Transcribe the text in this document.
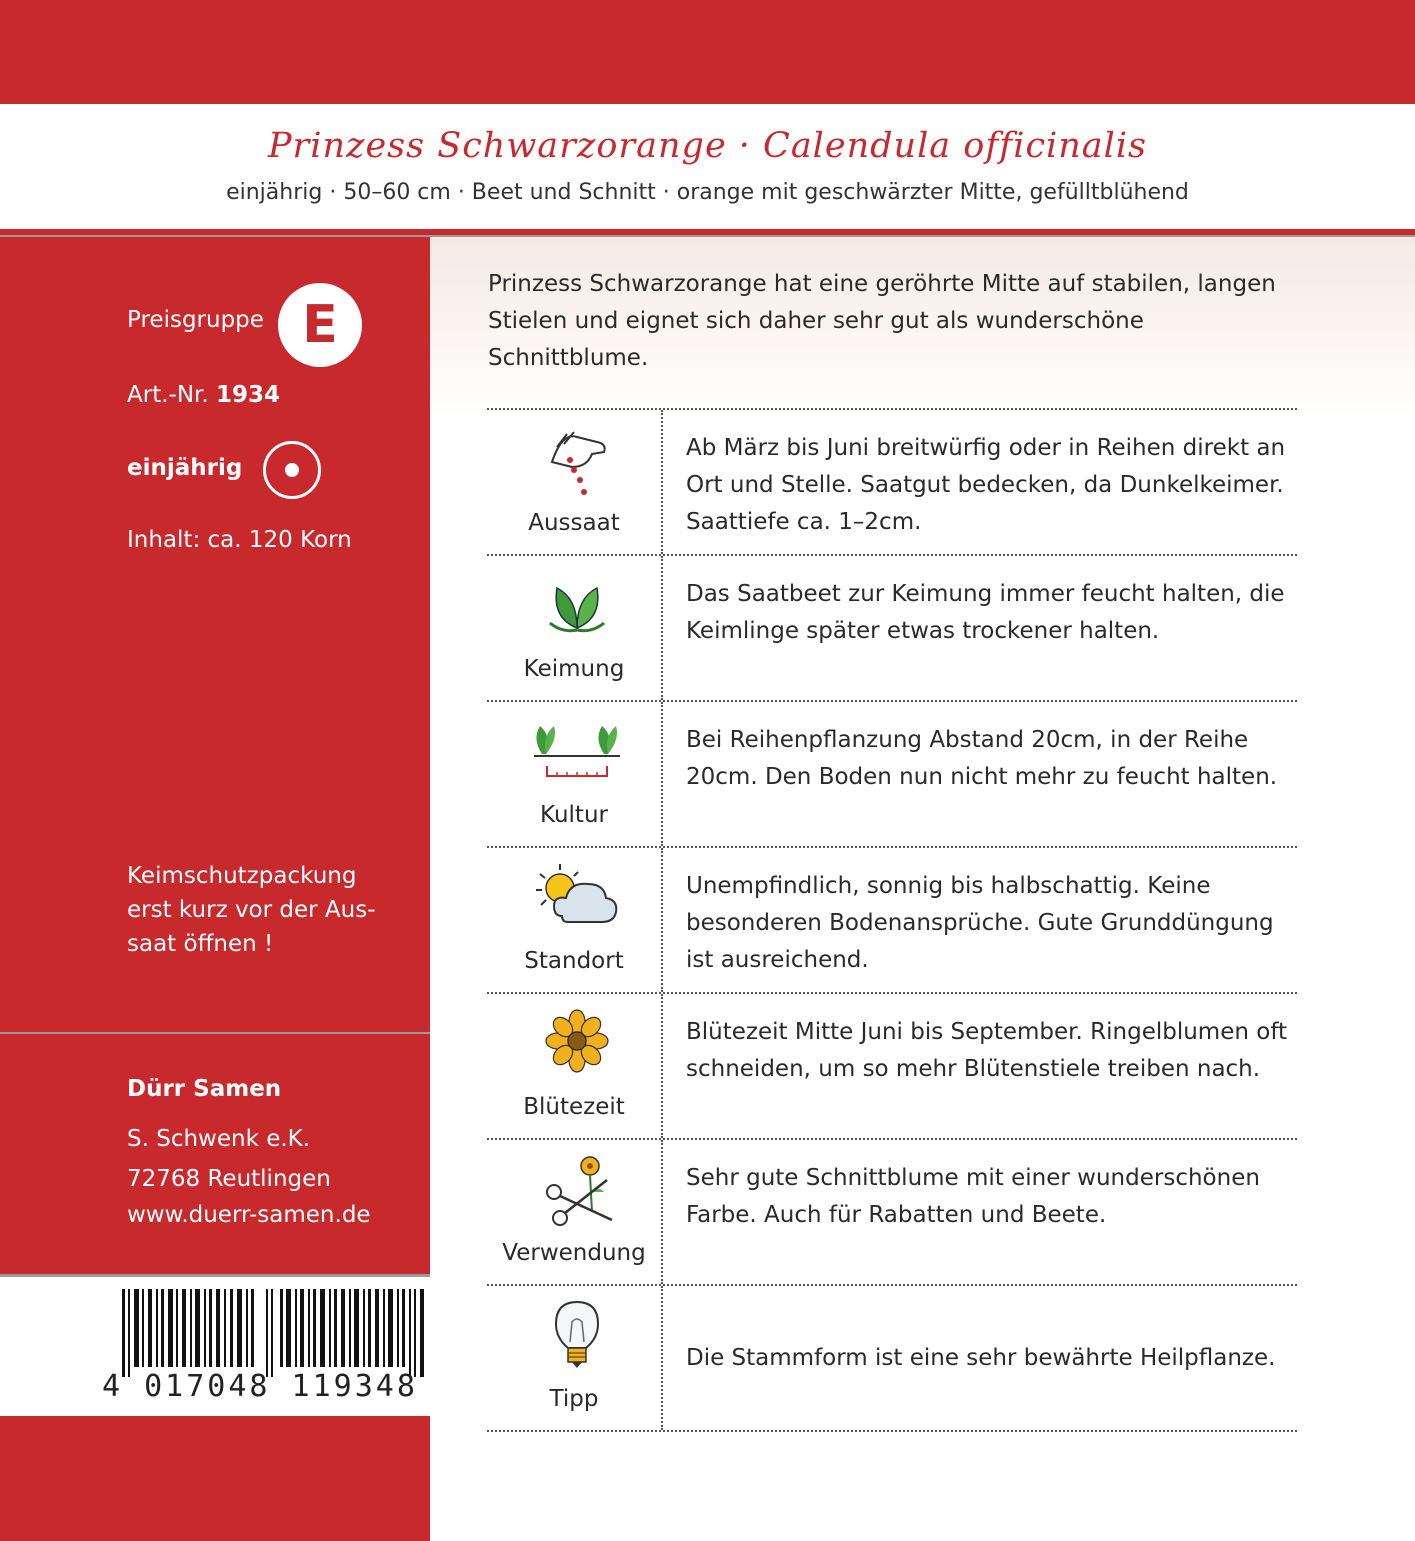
Prinzess Schwarzorange · Calendula officinalis
einjährig · 50–60 cm · Beet und Schnitt · orange mit geschwärzter Mitte, gefülltblühend
Preisgruppe E
Art.-Nr. 1934
einjährig
Inhalt: ca. 120 Korn
Keimschutzpackung
erst kurz vor der Aus-
saat öffnen !
Dürr Samen
S. Schwenk e.K.
72768 Reutlingen
www.duerr-samen.de
4 017048 119348
Prinzess Schwarzorange hat eine geröhrte Mitte auf stabilen, langen Stielen und eignet sich daher sehr gut als wunderschöne Schnittblume.
Aussaat
Ab März bis Juni breitwürfig oder in Reihen direkt an Ort und Stelle. Saatgut bedecken, da Dunkelkeimer. Saattiefe ca. 1–2cm.
Keimung
Das Saatbeet zur Keimung immer feucht halten, die Keimlinge später etwas trockener halten.
Kultur
Bei Reihenpflanzung Abstand 20cm, in der Reihe 20cm. Den Boden nun nicht mehr zu feucht halten.
Standort
Unempfindlich, sonnig bis halbschattig. Keine besonderen Bodenansprüche. Gute Grunddüngung ist ausreichend.
Blütezeit
Blütezeit Mitte Juni bis September. Ringelblumen oft schneiden, um so mehr Blütenstiele treiben nach.
Verwendung
Sehr gute Schnittblume mit einer wunderschönen Farbe. Auch für Rabatten und Beete.
Tipp
Die Stammform ist eine sehr bewährte Heilpflanze.
